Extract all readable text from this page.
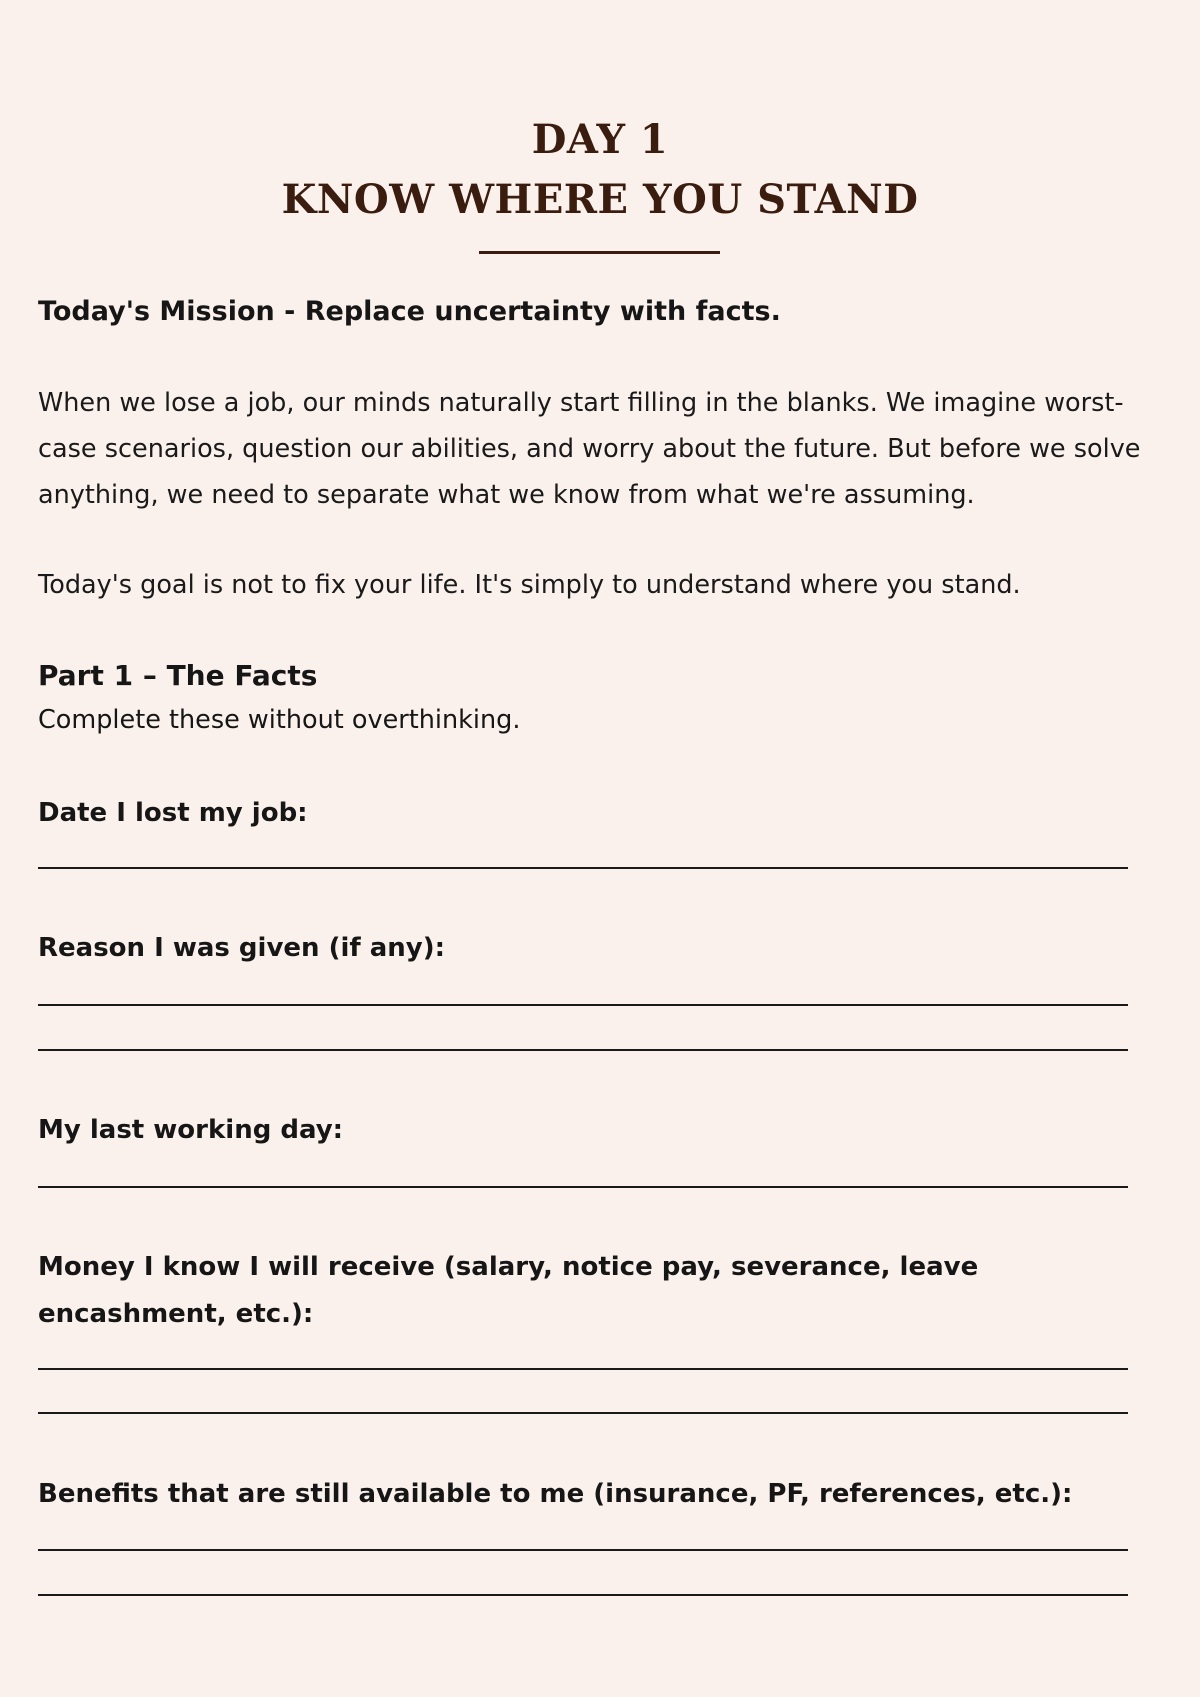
DAY 1
KNOW WHERE YOU STAND

Today's Mission - Replace uncertainty with facts.

When we lose a job, our minds naturally start filling in the blanks. We imagine worst-case scenarios, question our abilities, and worry about the future. But before we solve anything, we need to separate what we know from what we're assuming.

Today's goal is not to fix your life. It's simply to understand where you stand.

Part 1 – The Facts

Complete these without overthinking.

Date I lost my job:

Reason I was given (if any):

My last working day:

Money I know I will receive (salary, notice pay, severance, leave encashment, etc.):

Benefits that are still available to me (insurance, PF, references, etc.):
